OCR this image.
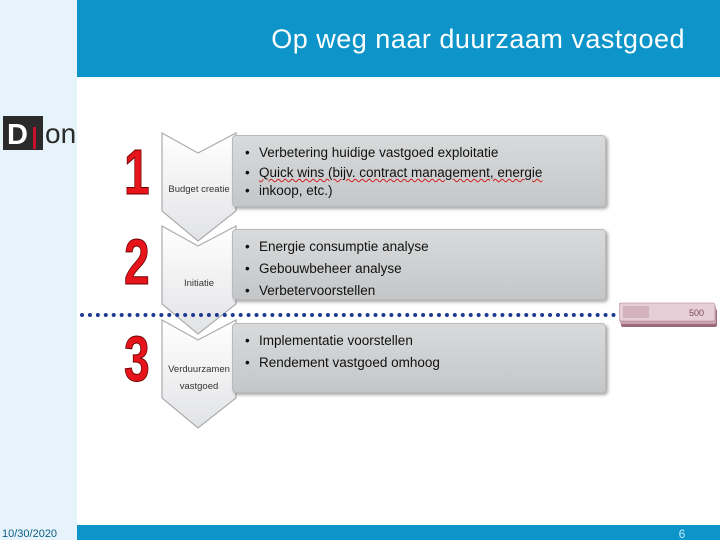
Op weg naar duurzaam vastgoed
D on
1
2
3
Budget creatie
Initiatie
Verduurzamen
vastgoed
• Verbetering huidige vastgoed exploitatie
• Quick wins (bijv. contract management, energie
• inkoop, etc.)
• Energie consumptie analyse
• Gebouwbeheer analyse
• Verbetervoorstellen
• Implementatie voorstellen
• Rendement vastgoed omhoog
500
10/30/2020	6
